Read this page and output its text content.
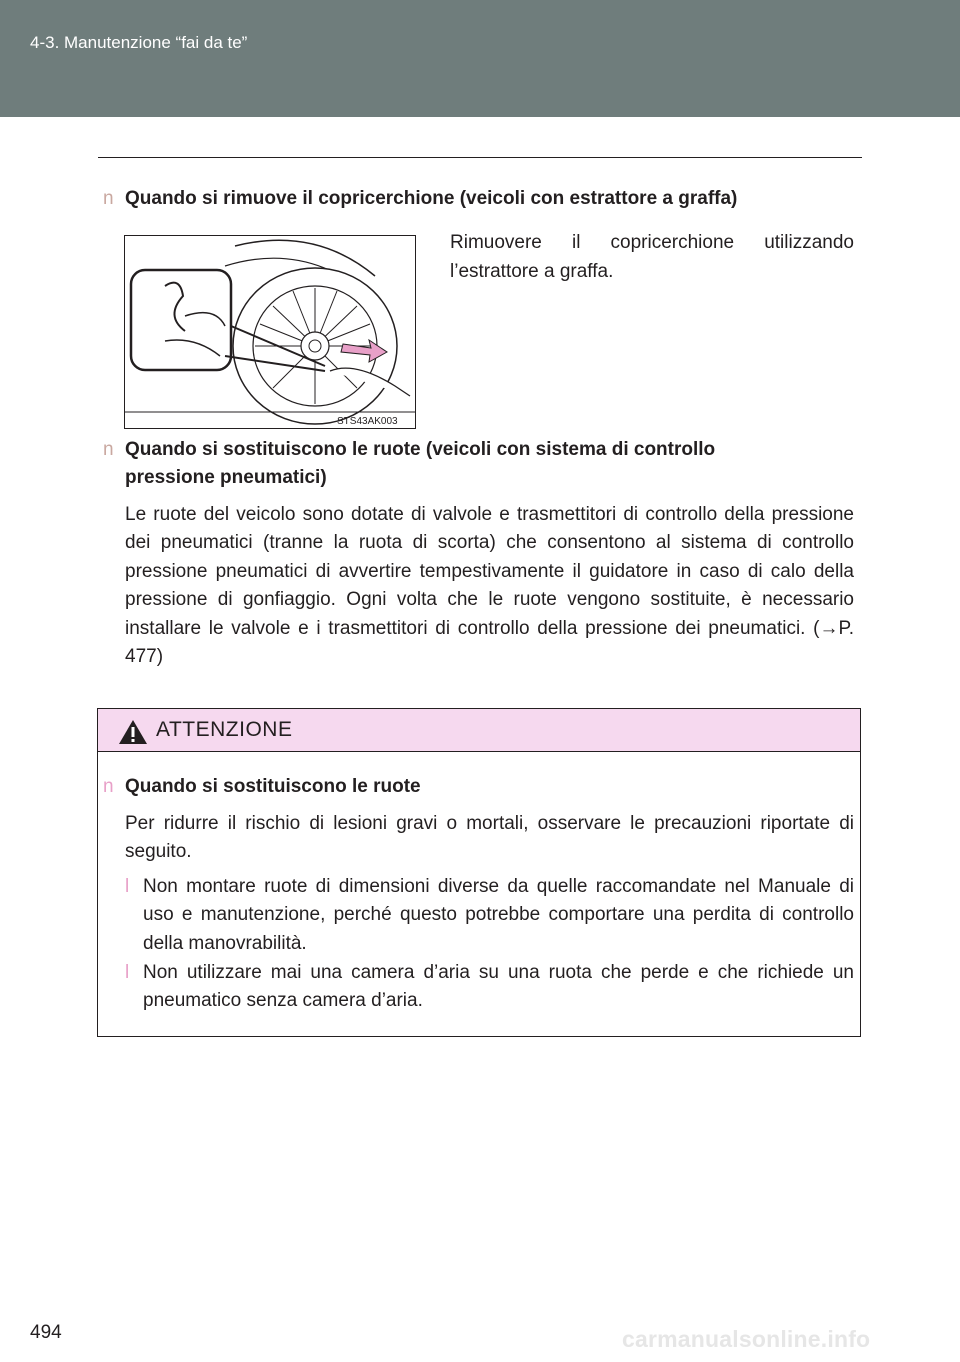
4-3. Manutenzione “fai da te”
n Quando si rimuove il copricerchione (veicoli con estrattore a graffa)
STS43AK003
Rimuovere il copricerchione utilizzando l’estrattore a graffa.
n Quando si sostituiscono le ruote (veicoli con sistema di controllo
pressione pneumatici)
Le ruote del veicolo sono dotate di valvole e trasmettitori di controllo della pressione dei pneumatici (tranne la ruota di scorta) che consentono al sistema di controllo pressione pneumatici di avvertire tempestivamente il guidatore in caso di calo della pressione di gonfiaggio. Ogni volta che le ruote vengono sostituite, è necessario installare le valvole e i trasmettitori di controllo della pressione dei pneumatici. (→P. 477)
ATTENZIONE
n Quando si sostituiscono le ruote
Per ridurre il rischio di lesioni gravi o mortali, osservare le precauzioni riportate di seguito.
l Non montare ruote di dimensioni diverse da quelle raccomandate nel Manuale di uso e manutenzione, perché questo potrebbe comportare una perdita di controllo della manovrabilità.
l Non utilizzare mai una camera d’aria su una ruota che perde e che richiede un pneumatico senza camera d’aria.
494	carmanualsonline.info
